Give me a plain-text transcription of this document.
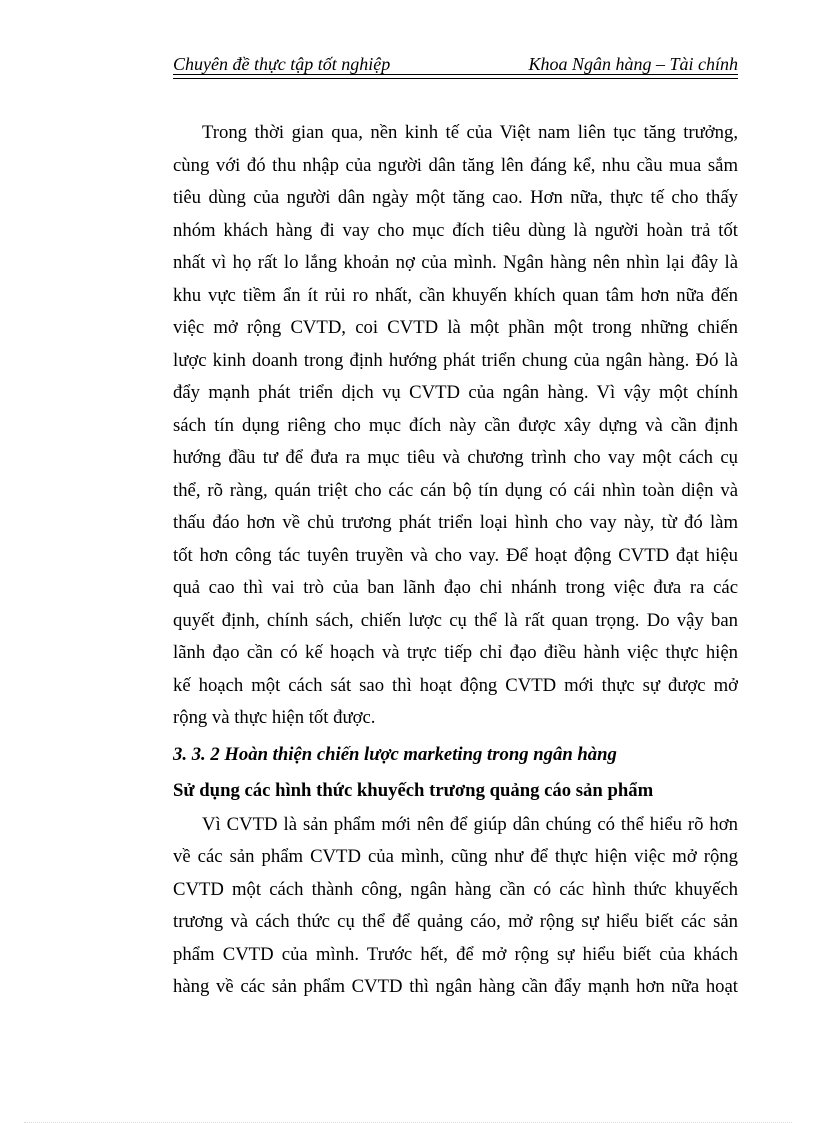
Chuyên đề thực tập tốt nghiệp	Khoa Ngân hàng – Tài chính
Trong thời gian qua, nền kinh tế của Việt nam liên tục tăng trưởng,
cùng với đó thu nhập của người dân tăng lên đáng kể, nhu cầu mua sắm
tiêu dùng của người dân ngày một tăng cao. Hơn nữa, thực tế cho thấy
nhóm khách hàng đi vay cho mục đích tiêu dùng là người hoàn trả tốt
nhất vì họ rất lo lắng khoản nợ của mình. Ngân hàng nên nhìn lại đây là
khu vực tiềm ẩn ít rủi ro nhất, cần khuyến khích quan tâm hơn nữa đến
việc mở rộng CVTD, coi CVTD là một phần một trong những chiến
lược kinh doanh trong định hướng phát triển chung của ngân hàng. Đó là
đẩy mạnh phát triển dịch vụ CVTD của ngân hàng. Vì vậy một chính
sách tín dụng riêng cho mục đích này cần được xây dựng và cần định
hướng đầu tư để đưa ra mục tiêu và chương trình cho vay một cách cụ
thể, rõ ràng, quán triệt cho các cán bộ tín dụng có cái nhìn toàn diện và
thấu đáo hơn về chủ trương phát triển loại hình cho vay này, từ đó làm
tốt hơn công tác tuyên truyền và cho vay. Để hoạt động CVTD đạt hiệu
quả cao thì vai trò của ban lãnh đạo chi nhánh trong việc đưa ra các
quyết định, chính sách, chiến lược cụ thể là rất quan trọng. Do vậy ban
lãnh đạo cần có kế hoạch và trực tiếp chỉ đạo điều hành việc thực hiện
kế hoạch một cách sát sao thì hoạt động CVTD mới thực sự được mở
rộng và thực hiện tốt được.
3. 3. 2 Hoàn thiện chiến lược marketing trong ngân hàng
Sử dụng các hình thức khuyếch trương quảng cáo sản phẩm
Vì CVTD là sản phẩm mới nên để giúp dân chúng có thể hiểu rõ hơn
về các sản phẩm CVTD của mình, cũng như để thực hiện việc mở rộng
CVTD một cách thành công, ngân hàng cần có các hình thức khuyếch
trương và cách thức cụ thể để quảng cáo, mở rộng sự hiểu biết các sản
phẩm CVTD của mình. Trước hết, để mở rộng sự hiểu biết của khách
hàng về các sản phẩm CVTD thì ngân hàng cần đẩy mạnh hơn nữa hoạt
